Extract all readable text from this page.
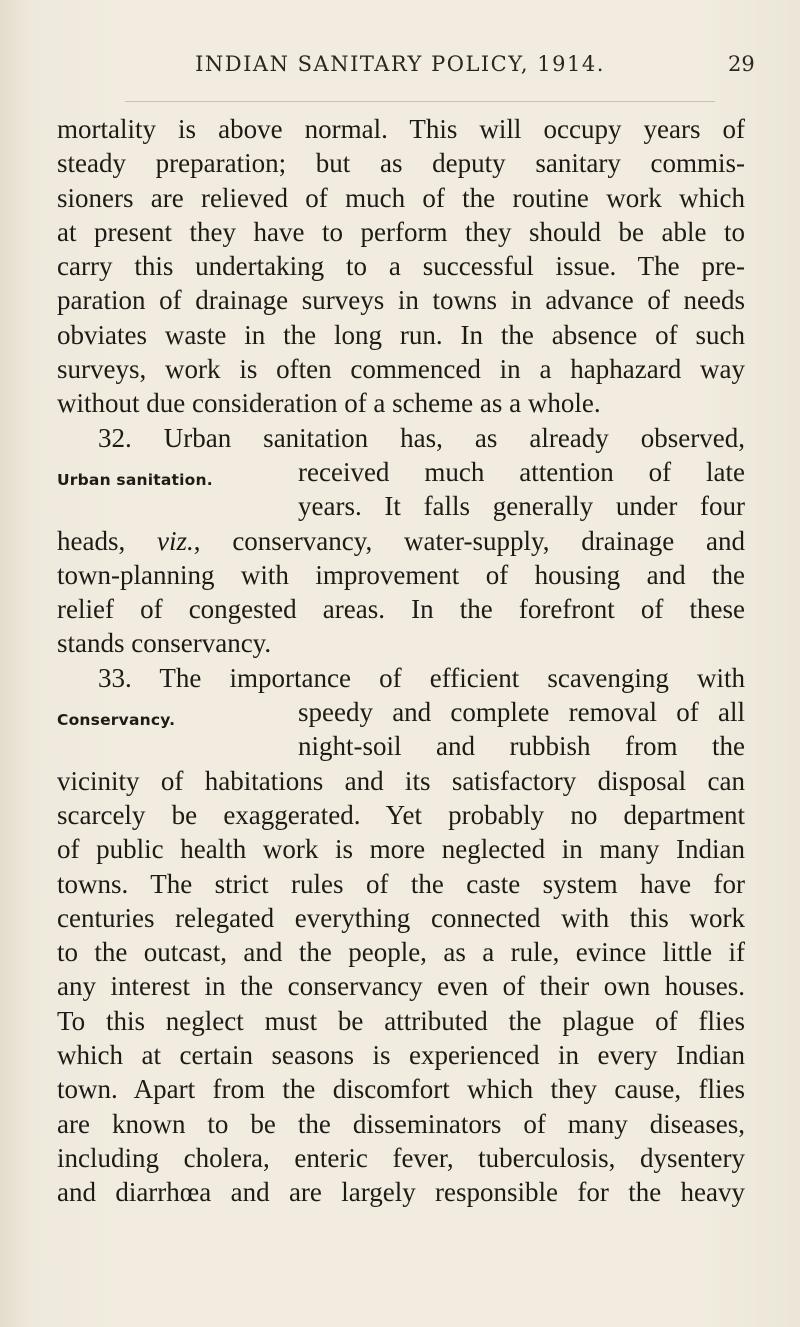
INDIAN SANITARY POLICY, 1914.	29
mortality is above normal. This will occupy years of
steady preparation; but as deputy sanitary commis-
sioners are relieved of much of the routine work which
at present they have to perform they should be able to
carry this undertaking to a successful issue. The pre-
paration of drainage surveys in towns in advance of needs
obviates waste in the long run. In the absence of such
surveys, work is often commenced in a haphazard way
without due consideration of a scheme as a whole.
32. Urban sanitation has, as already observed,
Urban sanitation.	received much attention of late
years. It falls generally under four
heads, viz., conservancy, water-supply, drainage and
town-planning with improvement of housing and the
relief of congested areas. In the forefront of these
stands conservancy.
33. The importance of efficient scavenging with
Conservancy.	speedy and complete removal of all
night-soil and rubbish from the
vicinity of habitations and its satisfactory disposal can
scarcely be exaggerated. Yet probably no department
of public health work is more neglected in many Indian
towns. The strict rules of the caste system have for
centuries relegated everything connected with this work
to the outcast, and the people, as a rule, evince little if
any interest in the conservancy even of their own houses.
To this neglect must be attributed the plague of flies
which at certain seasons is experienced in every Indian
town. Apart from the discomfort which they cause, flies
are known to be the disseminators of many diseases,
including cholera, enteric fever, tuberculosis, dysentery
and diarrhœa and are largely responsible for the heavy
